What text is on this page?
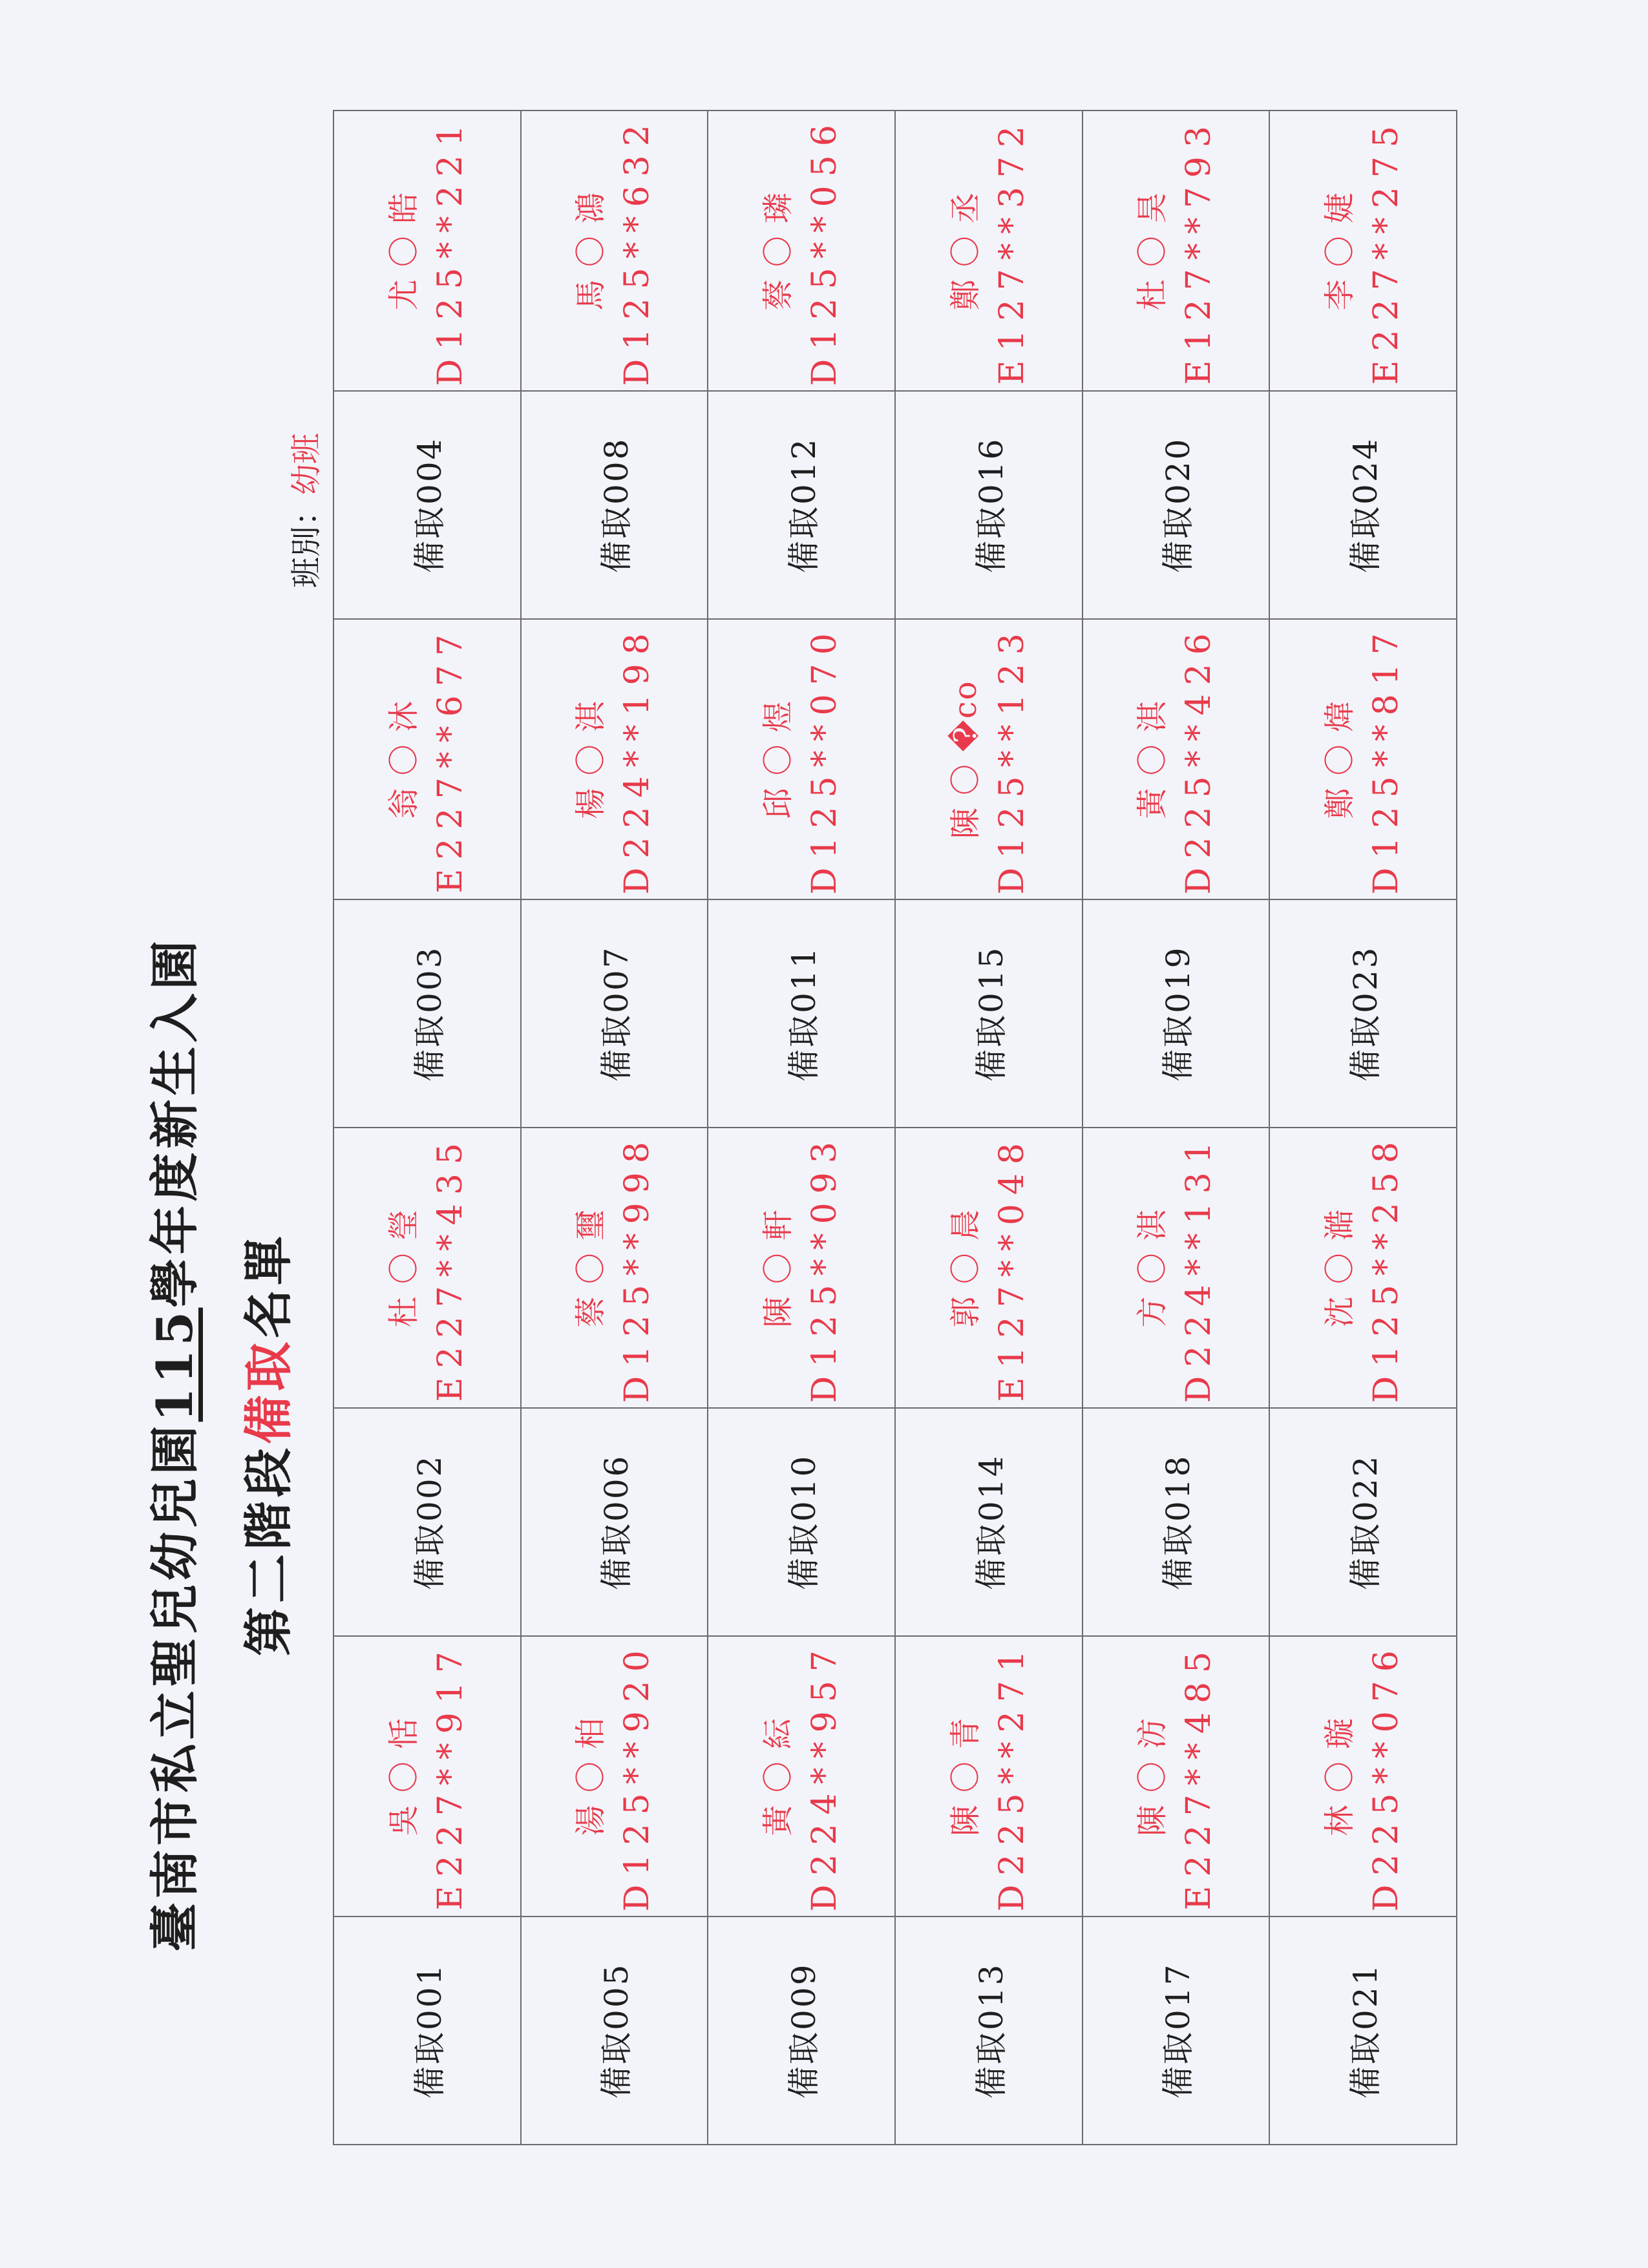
臺南市私立聖兒幼兒園115學年度新生入園
第二階段備取名單
班別：幼班
備取001	吳 〇 恬 E227**917	備取002	杜 〇 瑩 E227**435	備取003	翁 〇 沐 E227**677	備取004	尤 〇 皓 D125**221

備取005	湯 〇 柏 D125**920	備取006	蔡 〇 璽 D125**998	備取007	楊 〇 淇 D224**198	備取008	馬 〇 鴻 D125**632

備取009	黃 〇 紜 D224**957	備取010	陳 〇 軒 D125**093	備取011	邱 〇 煜 D125**070	備取012	蔡 〇 璘 D125**056

備取013	陳 〇 青 D225**271	備取014	郭 〇 晨 E127**048	備取015	陳 〇 �co D125**123	備取016	鄭 〇 丞 E127**372

備取017	陳 〇 汸 E227**485	備取018	方 〇 淇 D224**131	備取019	黃 〇 淇 D225**426	備取020	杜 〇 昊 E127**793

備取021	林 〇 璇 D225**076	備取022	沈 〇 澔 D125**258	備取023	鄭 〇 煒 D125**817	備取024	李 〇 婕 E227**275
